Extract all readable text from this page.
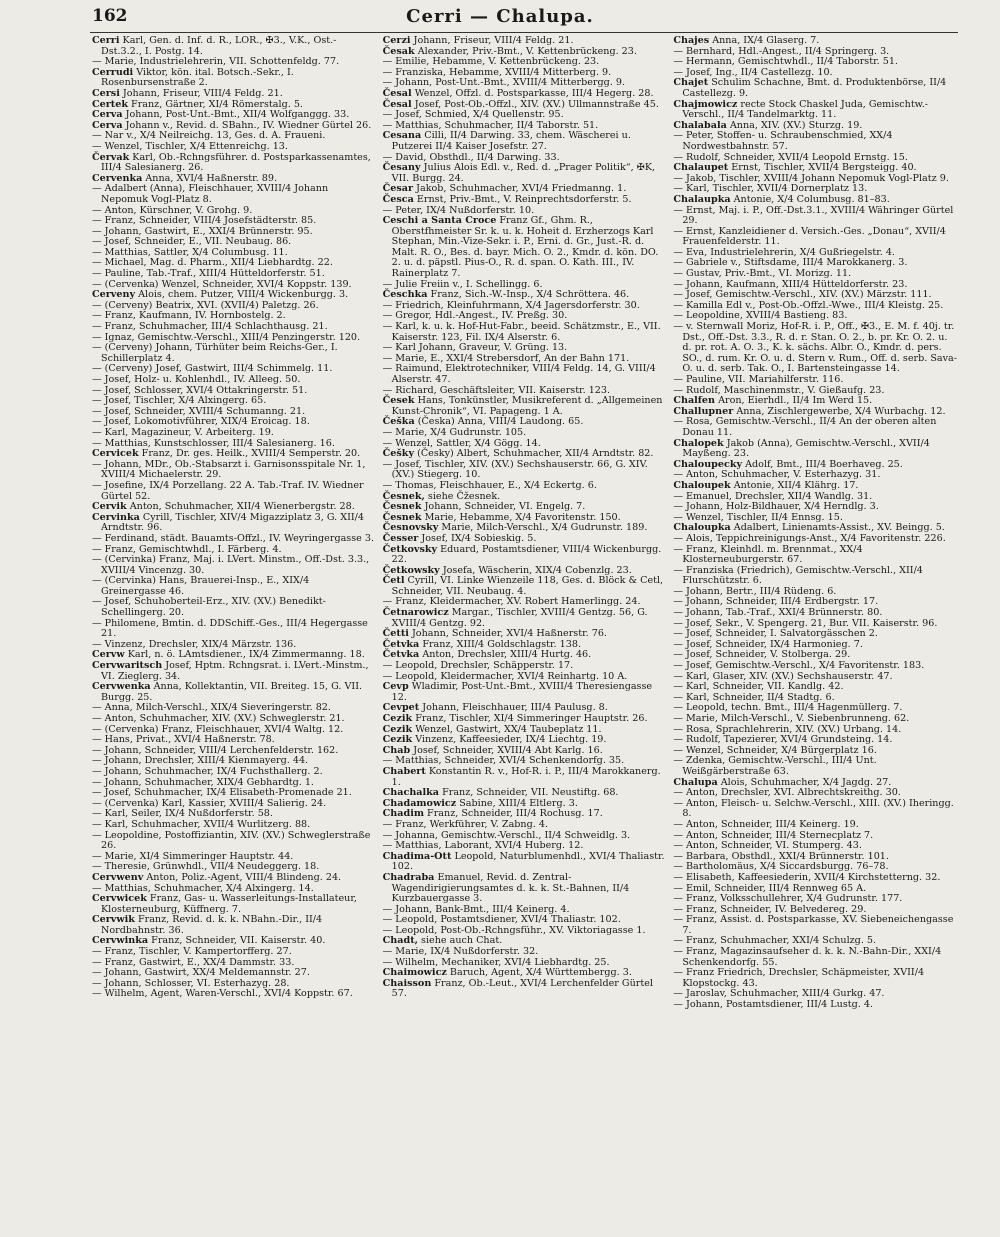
162	Cerri — Chalupa.
Cerri Karl, Gen. d. Inf. d. R., LOR., ✠3., V.K., Öst.-Dst.3.2., I. Postg. 14.
— Marie, Industrielehrerin, VII. Schottenfeldg. 77.
Cerrudi Viktor, kön. ital. Botsch.-Sekr., I. Rosenbursenstraße 2.
Cersi Johann, Friseur, VIII/4 Feldg. 21.
Certek Franz, Gärtner, XI/4 Römerstalg. 5.
Cerva Johann, Post-Unt.-Bmt., XII/4 Wolfganggg. 33.
Cerva Johann v., Revid. d. SBahn., IV. Wiedner Gürtel 26.
— Nar v., X/4 Neilreichg. 13, Ges. d. A. Fraueni.
— Wenzel, Tischler, X/4 Ettenreichg. 13.
Červak Karl, Ob.-Rchngsführer. d. Postsparkassenamtes, III/4 Salesianerg. 26.
Cervenka Anna, XVI/4 Haßnerstr. 89.
— Adalbert (Anna), Fleischhauer, XVIII/4 Johann Nepomuk Vogl-Platz 8.
— Anton, Kürschner, V. Grohg. 9.
— Franz, Schneider, VIII/4 Josefstädterstr. 85.
— Johann, Gastwirt, E., XXI/4 Brünnerstr. 95.
— Josef, Schneider, E., VII. Neubaug. 86.
— Matthias, Sattler, X/4 Columbusg. 11.
— Michael, Mag. d. Pharm., XII/4 Liebhardtg. 22.
— Pauline, Tab.-Traf., XIII/4 Hütteldorferstr. 51.
— (Cervenka) Wenzel, Schneider, XVI/4 Koppstr. 139.
Cerveny Alois, chem. Putzer, VIII/4 Wickenburgg. 3.
— (Cerveny) Beatrix, XVI. (XVII/4) Paletzg. 26.
— Franz, Kaufmann, IV. Hornbostelg. 2.
— Franz, Schuhmacher, III/4 Schlachthausg. 21.
— Ignaz, Gemischtw.-Verschl., XIII/4 Penzingerstr. 120.
— (Cerveny) Johann, Türhüter beim Reichs-Ger., I. Schillerplatz 4.
— (Cerveny) Josef, Gastwirt, III/4 Schimmelg. 11.
— Josef, Holz- u. Kohlenhdl., IV. Alleeg. 50.
— Josef, Schlosser, XVI/4 Ottakringerstr. 51.
— Josef, Tischler, X/4 Alxingerg. 65.
— Josef, Schneider, XVIII/4 Schumanng. 21.
— Josef, Lokomotivführer, XIX/4 Eroicag. 18.
— Karl, Magazineur, V. Arbeiterg. 19.
— Matthias, Kunstschlosser, III/4 Salesianerg. 16.
Cervicek Franz, Dr. ges. Heilk., XVIII/4 Semperstr. 20.
— Johann, MDr., Ob.-Stabsarzt i. Garnisonsspitale Nr. 1, XVIII/4 Michaelerstr. 29.
— Josefine, IX/4 Porzellang. 22 A. Tab.-Traf. IV. Wiedner Gürtel 52.
Cervik Anton, Schuhmacher, XII/4 Wienerbergstr. 28.
Cervinka Cyrill, Tischler, XIV/4 Migazziplatz 3, G. XII/4 Arndtstr. 96.
— Ferdinand, städt. Bauamts-Offzl., IV. Weyringergasse 3.
— Franz, Gemischtwhdl., I. Färberg. 4.
— (Cervinka) Franz, Maj. i. LVert. Minstm., Off.-Dst. 3.3., XVIII/4 Vincenzg. 30.
— (Cervinka) Hans, Brauerei-Insp., E., XIX/4 Greinergasse 46.
— Josef, Schuhoberteil-Erz., XIV. (XV.) Benedikt-Schellingerg. 20.
— Philomene, Bmtin. d. DDSchiff.-Ges., III/4 Hegergasse 21.
— Vinzenz, Drechsler, XIX/4 Märzstr. 136.
Cervw Karl, n. ö. LAmtsdiener., IX/4 Zimmermanng. 18.
Cervwaritsch Josef, Hptm. Rchngsrat. i. LVert.-Minstm., VI. Zieglerg. 34.
Cervwenka Anna, Kollektantin, VII. Breiteg. 15, G. VII. Burgg. 25.
— Anna, Milch-Verschl., XIX/4 Sieveringerstr. 82.
— Anton, Schuhmacher, XIV. (XV.) Schweglerstr. 21.
— (Cervenka) Franz, Fleischhauer, XVI/4 Waltg. 12.
— Hans, Privat., XVI/4 Haßnerstr. 78.
— Johann, Schneider, VIII/4 Lerchenfelderstr. 162.
— Johann, Drechsler, XIII/4 Kienmayerg. 44.
— Johann, Schuhmacher, IX/4 Fuchsthallerg. 2.
— Johann, Schuhmacher, XIX/4 Gebhardtg. 1.
— Josef, Schuhmacher, IX/4 Elisabeth-Promenade 21.
— (Cervenka) Karl, Kassier, XVIII/4 Salierig. 24.
— Karl, Seiler, IX/4 Nußdorferstr. 58.
— Karl, Schuhmacher, XVII/4 Wurlitzerg. 88.
— Leopoldine, Postoffiziantin, XIV. (XV.) Schweglerstraße 26.
— Marie, XI/4 Simmeringer Hauptstr. 44.
— Theresie, Grünwhdl., VII/4 Neudeggerg. 18.
Cervwenv Anton, Poliz.-Agent, VIII/4 Blindeng. 24.
— Matthias, Schuhmacher, X/4 Alxingerg. 14.
Cervwicek Franz, Gas- u. Wasserleitungs-Installateur, Klosterneuburg, Küffnerg. 7.
Cervwik Franz, Revid. d. k. k. NBahn.-Dir., II/4 Nordbahnstr. 36.
Cervwinka Franz, Schneider, VII. Kaiserstr. 40.
— Franz, Tischler, V. Kampertorfferg. 27.
— Franz, Gastwirt, E., XX/4 Dammstr. 33.
— Johann, Gastwirt, XX/4 Meldemannstr. 27.
— Johann, Schlosser, VI. Esterhazyg. 28.
— Wilhelm, Agent, Waren-Verschl., XVI/4 Koppstr. 67.
Cerzi Johann, Friseur, VIII/4 Feldg. 21.
Česak Alexander, Priv.-Bmt., V. Kettenbrückeng. 23.
— Emilie, Hebamme, V. Kettenbrückeng. 23.
— Franziska, Hebamme, XVIII/4 Mitterberg. 9.
— Johann, Post-Unt.-Bmt., XVIII/4 Mitterbergg. 9.
Česal Wenzel, Offzl. d. Postsparkasse, III/4 Hegerg. 28.
Česal Josef, Post-Ob.-Offzl., XIV. (XV.) Ullmannstraße 45.
— Josef, Schmied, X/4 Quellenstr. 95.
— Matthias, Schuhmacher, II/4 Taborstr. 51.
Cesana Cilli, II/4 Darwing. 33, chem. Wäscherei u. Putzerei II/4 Kaiser Josefstr. 27.
— David, Obsthdl., II/4 Darwing. 33.
Česany Julius Alois Edl. v., Red. d. „Prager Politik“, ✠K, VII. Burgg. 24.
Česar Jakob, Schuhmacher, XVI/4 Friedmanng. 1.
Česca Ernst, Priv.-Bmt., V. Reinprechtsdorferstr. 5.
— Peter, IX/4 Nußdorferstr. 10.
Ceschi a Santa Croce Franz Gf., Ghm. R., Oberstfhmeister Sr. k. u. k. Hoheit d. Erzherzogs Karl Stephan, Min.-Vize-Sekr. i. P., Erni. d. Gr., Just.-R. d. Malt. R. O., Bes. d. bayr. Mich. O. 2., Kmdr. d. kön. DO. 2. u. d. päpstl. Pius-O., R. d. span. O. Kath. III., IV. Rainerplatz 7.
— Julie Freiin v., I. Schellingg. 6.
Česchka Franz, Sich.-W.-Insp., X/4 Schröttera. 46.
— Friedrich, Kleinfuhrmann, X/4 Jagersdorferstr. 30.
— Gregor, Hdl.-Angest., IV. Preßg. 30.
— Karl, k. u. k. Hof-Hut-Fabr., beeid. Schätzmstr., E., VII. Kaiserstr. 123, Fil. IX/4 Alserstr. 6.
— Karl Johann, Graveur, V. Grüng. 13.
— Marie, E., XXI/4 Strebersdorf, An der Bahn 171.
— Raimund, Elektrotechniker, VIII/4 Feldg. 14, G. VIII/4 Alserstr. 47.
— Richard, Geschäftsleiter, VII. Kaiserstr. 123.
Česek Hans, Tonkünstler, Musikreferent d. „Allgemeinen Kunst-Chronik“, VI. Papageng. 1 A.
Češka (Česka) Anna, VIII/4 Laudong. 65.
— Marie, X/4 Gudrunstr. 105.
— Wenzel, Sattler, X/4 Gögg. 14.
Češky (Česky) Albert, Schuhmacher, XII/4 Arndtstr. 82.
— Josef, Tischler, XIV. (XV.) Sechshauserstr. 66, G. XIV. (XV.) Stiegerg. 10.
— Thomas, Fleischhauer, E., X/4 Eckertg. 6.
Česnek, siehe Čžesnek.
Česnek Johann, Schneider, VI. Engelg. 7.
Česnek Marie, Hebamme, X/4 Favoritenstr. 150.
Česnovsky Marie, Milch-Verschl., X/4 Gudrunstr. 189.
Česser Josef, IX/4 Sobieskig. 5.
Četkovsky Eduard, Postamtsdiener, VIII/4 Wickenburgg. 22.
Četkowsky Josefa, Wäscherin, XIX/4 Cobenzlg. 23.
Četl Cyrill, VI. Linke Wienzeile 118, Ges. d. Blöck & Cetl, Schneider, VII. Neubaug. 4.
— Franz, Kleidermacher, XV. Robert Hamerlingg. 24.
Četnarowicz Margar., Tischler, XVIII/4 Gentzg. 56, G. XVIII/4 Gentzg. 92.
Četti Johann, Schneider, XVI/4 Haßnerstr. 76.
Četvka Franz, XIII/4 Goldschlagstr. 138.
Četvka Anton, Drechsler, XIII/4 Hurtg. 46.
— Leopold, Drechsler, Schäpperstr. 17.
— Leopold, Kleidermacher, XVI/4 Reinhartg. 10 A.
Cevp Wladimir, Post-Unt.-Bmt., XVIII/4 Theresiengasse 12.
Cevpet Johann, Fleischhauer, III/4 Paulusg. 8.
Cezik Franz, Tischler, XI/4 Simmeringer Hauptstr. 26.
Cezik Wenzel, Gastwirt, XX/4 Taubeplatz 11.
Cezik Vinzenz, Kaffeesieder, IX/4 Liechtg. 19.
Chab Josef, Schneider, XVIII/4 Abt Karlg. 16.
— Matthias, Schneider, XVI/4 Schenkendorfg. 35.
Chabert Konstantin R. v., Hof-R. i. P., III/4 Marokkanerg. 1.
Chachalka Franz, Schneider, VII. Neustiftg. 68.
Chadamowicz Sabine, XIII/4 Eltlerg. 3.
Chadim Franz, Schneider, III/4 Rochusg. 17.
— Franz, Werkführer, V. Zabng. 4.
— Johanna, Gemischtw.-Verschl., II/4 Schweidlg. 3.
— Matthias, Laborant, XVI/4 Huberg. 12.
Chadima-Ott Leopold, Naturblumenhdl., XVI/4 Thaliastr. 102.
Chadraba Emanuel, Revid. d. Zentral-Wagendirigierungsamtes d. k. k. St.-Bahnen, II/4 Kurzbauergasse 3.
— Johann, Bank-Bmt., III/4 Keinerg. 4.
— Leopold, Postamtsdiener, XVI/4 Thaliastr. 102.
— Leopold, Post-Ob.-Rchngsführ., XV. Viktoriagasse 1.
Chadt, siehe auch Chat.
— Marie, IX/4 Nußdorferstr. 32.
— Wilhelm, Mechaniker, XVI/4 Liebhardtg. 25.
Chaimowicz Baruch, Agent, X/4 Württembergg. 3.
Chaisson Franz, Ob.-Leut., XVI/4 Lerchenfelder Gürtel 57.
Chajes Anna, IX/4 Glaserg. 7.
— Bernhard, Hdl.-Angest., II/4 Springerg. 3.
— Hermann, Gemischtwhdl., II/4 Taborstr. 51.
— Josef, Ing., II/4 Castellezg. 10.
Chajet Schulim Schachne, Bmt. d. Produktenbörse, II/4 Castellezg. 9.
Chajmowicz recte Stock Chaskel Juda, Gemischtw.-Verschl., II/4 Tandelmarktg. 11.
Chalabala Anna, XIV. (XV.) Sturzg. 19.
— Peter, Stoffen- u. Schraubenschmied, XX/4 Nordwestbahnstr. 57.
— Rudolf, Schneider, XVII/4 Leopold Ernstg. 15.
Chalaupet Ernst, Tischler, XVII/4 Bergsteigg. 40.
— Jakob, Tischler, XVIII/4 Johann Nepomuk Vogl-Platz 9.
— Karl, Tischler, XVII/4 Dornerplatz 13.
Chalaupka Antonie, X/4 Columbusg. 81–83.
— Ernst, Maj. i. P., Off.-Dst.3.1., XVIII/4 Währinger Gürtel 29.
— Ernst, Kanzleidiener d. Versich.-Ges. „Donau“, XVII/4 Frauenfelderstr. 11.
— Eva, Industrielehrerin, X/4 Gußriegelstr. 4.
— Gabriele v., Stiftsdame, III/4 Marokkanerg. 3.
— Gustav, Priv.-Bmt., VI. Morizg. 11.
— Johann, Kaufmann, XIII/4 Hütteldorferstr. 23.
— Josef, Gemischtw.-Verschl., XIV. (XV.) Märzstr. 111.
— Kamilla Edl v., Post-Ob.-Offzl.-Wwe., III/4 Kleistg. 25.
— Leopoldine, XVIII/4 Bastieng. 83.
— v. Sternwall Moriz, Hof-R. i. P., Off., ✠3., E. M. f. 40j. tr. Dst., Off.-Dst. 3.3., R. d. r. Stan. O. 2., b. pr. Kr. O. 2. u. d. pr. rot. A. O. 3., K. k. sächs. Albr. O., Kmdr. d. pers. SO., d. rum. Kr. O. u. d. Stern v. Rum., Off. d. serb. Sava-O. u. d. serb. Tak. O., I. Bartensteingasse 14.
— Pauline, VII. Mariahilferstr. 116.
— Rudolf, Maschinenmstr., V. Gießaufg. 23.
Chalfen Aron, Eierhdl., II/4 Im Werd 15.
Challupner Anna, Zischlergewerbe, X/4 Wurbachg. 12.
— Rosa, Gemischtw.-Verschl., II/4 An der oberen alten Donau 11.
Chalopek Jakob (Anna), Gemischtw.-Verschl., XVII/4 Mayßeng. 23.
Chaloupecky Adolf, Bmt., III/4 Boerhaveg. 25.
— Anton, Schuhmacher, V. Esterhazyg. 31.
Chaloupek Antonie, XII/4 Klährg. 17.
— Emanuel, Drechsler, XII/4 Wandlg. 31.
— Johann, Holz-Bildhauer, X/4 Herndlg. 3.
— Wenzel, Tischler, II/4 Ennsg. 15.
Chaloupka Adalbert, Linienamts-Assist., XV. Beingg. 5.
— Alois, Teppichreinigungs-Anst., X/4 Favoritenstr. 226.
— Franz, Kleinhdl. m. Brennmat., XX/4 Klosterneuburgerstr. 67.
— Franziska (Friedrich), Gemischtw.-Verschl., XII/4 Flurschützstr. 6.
— Johann, Bertr., III/4 Rüdeng. 6.
— Johann, Schneider, III/4 Erdbergstr. 17.
— Johann, Tab.-Traf., XXI/4 Brünnerstr. 80.
— Josef, Sekr., V. Spengerg. 21, Bur. VII. Kaiserstr. 96.
— Josef, Schneider, I. Salvatorgässchen 2.
— Josef, Schneider, IX/4 Harmonieg. 7.
— Josef, Schneider, V. Stolberga. 29.
— Josef, Gemischtw.-Verschl., X/4 Favoritenstr. 183.
— Karl, Glaser, XIV. (XV.) Sechshauserstr. 47.
— Karl, Schneider, VII. Kandlg. 42.
— Karl, Schneider, II/4 Stadtg. 6.
— Leopold, techn. Bmt., III/4 Hagenmüllerg. 7.
— Marie, Milch-Verschl., V. Siebenbrunneng. 62.
— Rosa, Sprachlehrerin, XIV. (XV.) Urbang. 14.
— Rudolf, Tapezierer, XVI/4 Grundsteing. 14.
— Wenzel, Schneider, X/4 Bürgerplatz 16.
— Zdenka, Gemischtw.-Verschl., III/4 Unt. Weißgärberstraße 63.
Chalupa Alois, Schuhmacher, X/4 Jagdg. 27.
— Anton, Drechsler, XVI. Albrechtskreithg. 30.
— Anton, Fleisch- u. Selchw.-Verschl., XIII. (XV.) Iheringg. 8.
— Anton, Schneider, III/4 Keinerg. 19.
— Anton, Schneider, III/4 Sternecplatz 7.
— Anton, Schneider, VI. Stumperg. 43.
— Barbara, Obsthdl., XXI/4 Brünnerstr. 101.
— Bartholomäus, X/4 Siccardsburgg. 76–78.
— Elisabeth, Kaffeesiederin, XVII/4 Kirchstetterng. 32.
— Emil, Schneider, III/4 Rennweg 65 A.
— Franz, Volksschullehrer, X/4 Gudrunstr. 177.
— Franz, Schneider, IV. Belvedereg. 29.
— Franz, Assist. d. Postsparkasse, XV. Siebeneichengasse 7.
— Franz, Schuhmacher, XXI/4 Schulzg. 5.
— Franz, Magazinsaufseher d. k. k. N.-Bahn-Dir., XXI/4 Schenkendorfg. 55.
— Franz Friedrich, Drechsler, Schäpmeister, XVII/4 Klopstockg. 43.
— Jaroslav, Schuhmacher, XIII/4 Gurkg. 47.
— Johann, Postamtsdiener, III/4 Lustg. 4.
